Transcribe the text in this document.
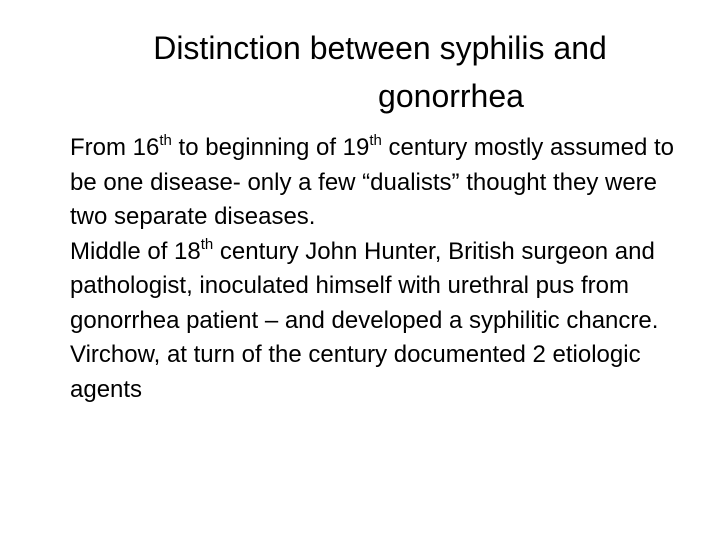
Distinction between syphilis and
gonorrhea

From 16th to beginning of 19th century mostly assumed to be one disease- only a few “dualists” thought they were two separate diseases.

Middle of 18th century John Hunter, British surgeon and pathologist, inoculated himself with urethral pus from gonorrhea patient – and developed a syphilitic chancre.

Virchow, at turn of the century documented 2 etiologic agents
